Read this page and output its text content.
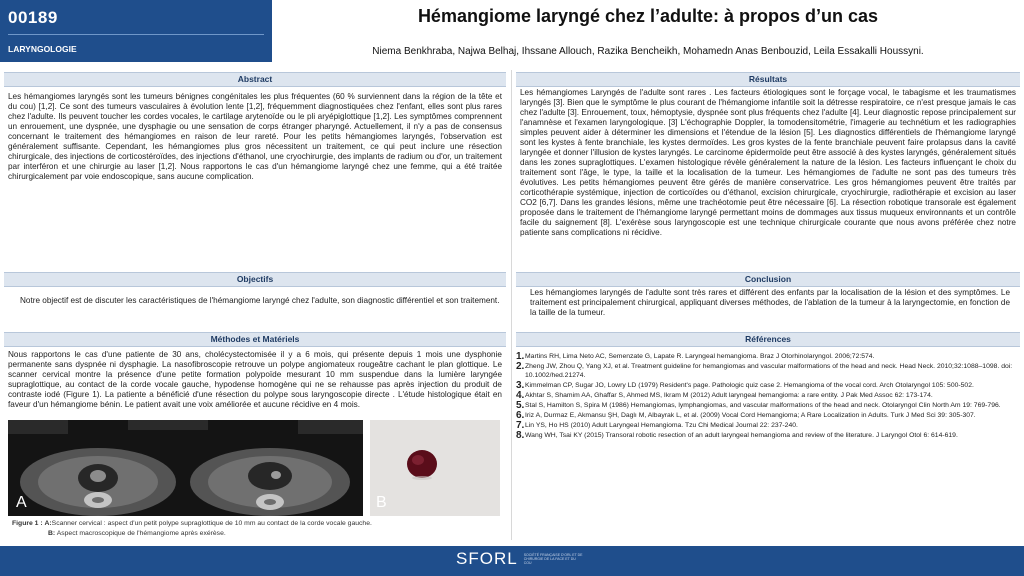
00189
LARYNGOLOGIE
Hémangiome laryngé chez l’adulte: à propos d’un cas
Niema Benkhraba, Najwa Belhaj, Ihssane Allouch, Razika Bencheikh, Mohamedn Anas Benbouzid, Leila Essakalli Houssyni.
Abstract
Les hémangiomes laryngés sont les tumeurs bénignes congénitales les plus fréquentes (60 % surviennent dans la région de la tête et du cou) [1,2]. Ce sont des tumeurs vasculaires à évolution lente [1,2], fréquemment diagnostiquées chez l'enfant, elles sont plus rares chez l'adulte. Ils peuvent toucher les cordes vocales, le cartilage arytenoïde ou le pli aryépiglottique [1,2]. Les symptômes comprennent un enrouement, une dyspnée, une dysphagie ou une sensation de corps étranger pharyngé. Actuellement, il n'y a pas de consensus concernant le traitement des hémangiomes en raison de leur rareté. Pour les petits hémangiomes laryngés, l'observation est généralement suffisante. Cependant, les hémangiomes plus gros nécessitent un traitement, ce qui peut inclure une résection chirurgicale, des injections de corticostéroïdes, des injections d'éthanol, une cryochirurgie, des implants de radium ou d'or, un traitement par interféron et une chirurgie au laser [1,2]. Nous rapportons le cas d'un hémangiome laryngé chez une femme, qui a été traitée chirurgicalement par voie endoscopique, sans aucune complication.
Objectifs
Notre objectif est de discuter les caractéristiques de l'hémangiome laryngé chez l'adulte, son diagnostic différentiel et son traitement.
Méthodes et Matériels
Nous rapportons le cas d'une patiente de 30 ans, cholécystectomisée il y a 6 mois, qui présente depuis 1 mois une dysphonie permanente sans dyspnée ni dysphagie. La nasofibroscopie retrouve un polype angiomateux rougeâtre cachant le plan glottique. Le scanner cervical montre la présence d'une petite formation polypoïde mesurant 10 mm suspendue dans la lumière laryngée supraglottique, au contact de la corde vocale gauche, hypodense homogène qui ne se rehausse pas après injection du produit de contraste iodé (Figure 1). La patiente a bénéficié d'une résection du polype sous laryngoscopie directe . L'étude histologique était en faveur d'un hémangiome bénin. Le patient avait une voix améliorée et aucune récidive en 4 mois.
A	B
Figure 1 : A:Scanner cervical : aspect d'un petit polype supraglottique de 10 mm au contact de la corde vocale gauche.
B: Aspect macroscopique de l'hémangiome après exérèse.
Résultats
Les hémangiomes Laryngés de l'adulte sont rares . Les facteurs étiologiques sont le forçage vocal, le tabagisme et les traumatismes laryngés [3]. Bien que le symptôme le plus courant de l'hémangiome infantile soit la détresse respiratoire, ce n'est presque jamais le cas chez l'adulte [3]. Enrouement, toux, hémoptysie, dyspnée sont plus fréquents chez l'adulte [4]. Leur diagnostic repose principalement sur l'anamnèse et l'examen laryngologique. [3] L'échographie Doppler, la tomodensitométrie, l'imagerie au technétium et les radiographies simples peuvent aider à déterminer les dimensions et l'étendue de la lésion [5]. Les diagnostics différentiels de l'hémangiome laryngé sont les kystes à fente branchiale, les kystes dermoïdes. Les gros kystes de la fente branchiale peuvent faire prolapsus dans la cavité laryngée et donner l'illusion de kystes laryngés. Le carcinome épidermoïde peut être associé à des kystes laryngés, généralement situés dans les zones supraglottiques. L'examen histologique révèle généralement la nature de la lésion. Les facteurs influençant le choix du traitement sont l'âge, le type, la taille et la localisation de la tumeur. Les hémangiomes de l'adulte ne sont pas des tumeurs très évolutives. Les petits hémangiomes peuvent être gérés de manière conservatrice. Les gros hémangiomes peuvent être traités par corticothérapie systémique, injection de corticoïdes ou d'éthanol, excision chirurgicale, cryochirurgie, radiothérapie et excision au laser CO2 [6,7]. Dans les grandes lésions, même une trachéotomie peut être nécessaire [6]. La résection robotique transorale est également proposée dans le traitement de l'hémangiome laryngé permettant moins de dommages aux tissus muqueux environnants et un contrôle facile du saignement [8]. L'exérèse sous laryngoscopie est une technique chirurgicale courante que nous avons préférée chez notre patiente sans complications ni récidive.
Conclusion
Les hémangiomes laryngés de l'adulte sont très rares et différent des enfants par la localisation de la lésion et des symptômes. Le traitement est principalement chirurgical, appliquant diverses méthodes, de l'ablation de la tumeur à la laryngectomie, en fonction de la taille de la tumeur.
Références
1. Martins RH, Lima Neto AC, Semenzate G, Lapate R. Laryngeal hemangioma. Braz J Otorhinolaryngol. 2006;72:574.
2. Zheng JW, Zhou Q, Yang XJ, et al. Treatment guideline for hemangiomas and vascular malformations of the head and neck. Head Neck. 2010;32:1088–1098. doi: 10.1002/hed.21274.
3. Kimmelman CP, Sugar JO, Lowry LD (1979) Resident's page. Pathologic quiz case 2. Hemangioma of the vocal cord. Arch Otolaryngol 105: 500-502.
4. Akhtar S, Shamim AA, Ghaffar S, Ahmed MS, Ikram M (2012) Adult laryngeal hemangioma: a rare entity. J Pak Med Assoc 62: 173-174.
5. Stal S, Hamilton S, Spira M (1986) Hemangiomas, lymphangiomas, and vascular malformations of the head and neck. Otolaryngol Clin North Am 19: 769-796.
6. Iriz A, Durmaz E, Akmansu ŞH, Daglı M, Albayrak L, et al. (2009) Vocal Cord Hemangioma; A Rare Localization in Adults. Turk J Med Sci 39: 305-307.
7. Lin YS, Ho HS (2010) Adult Laryngeal Hemangioma. Tzu Chi Medical Journal 22: 237-240.
8. Wang WH, Tsai KY (2015) Transoral robotic resection of an adult laryngeal hemangioma and review of the literature. J Laryngol Otol 6: 614-619.
SFORL SOCIÉTÉ FRANÇAISE D'ORL ET DE CHIRURGIE DE LA FACE ET DU COU
